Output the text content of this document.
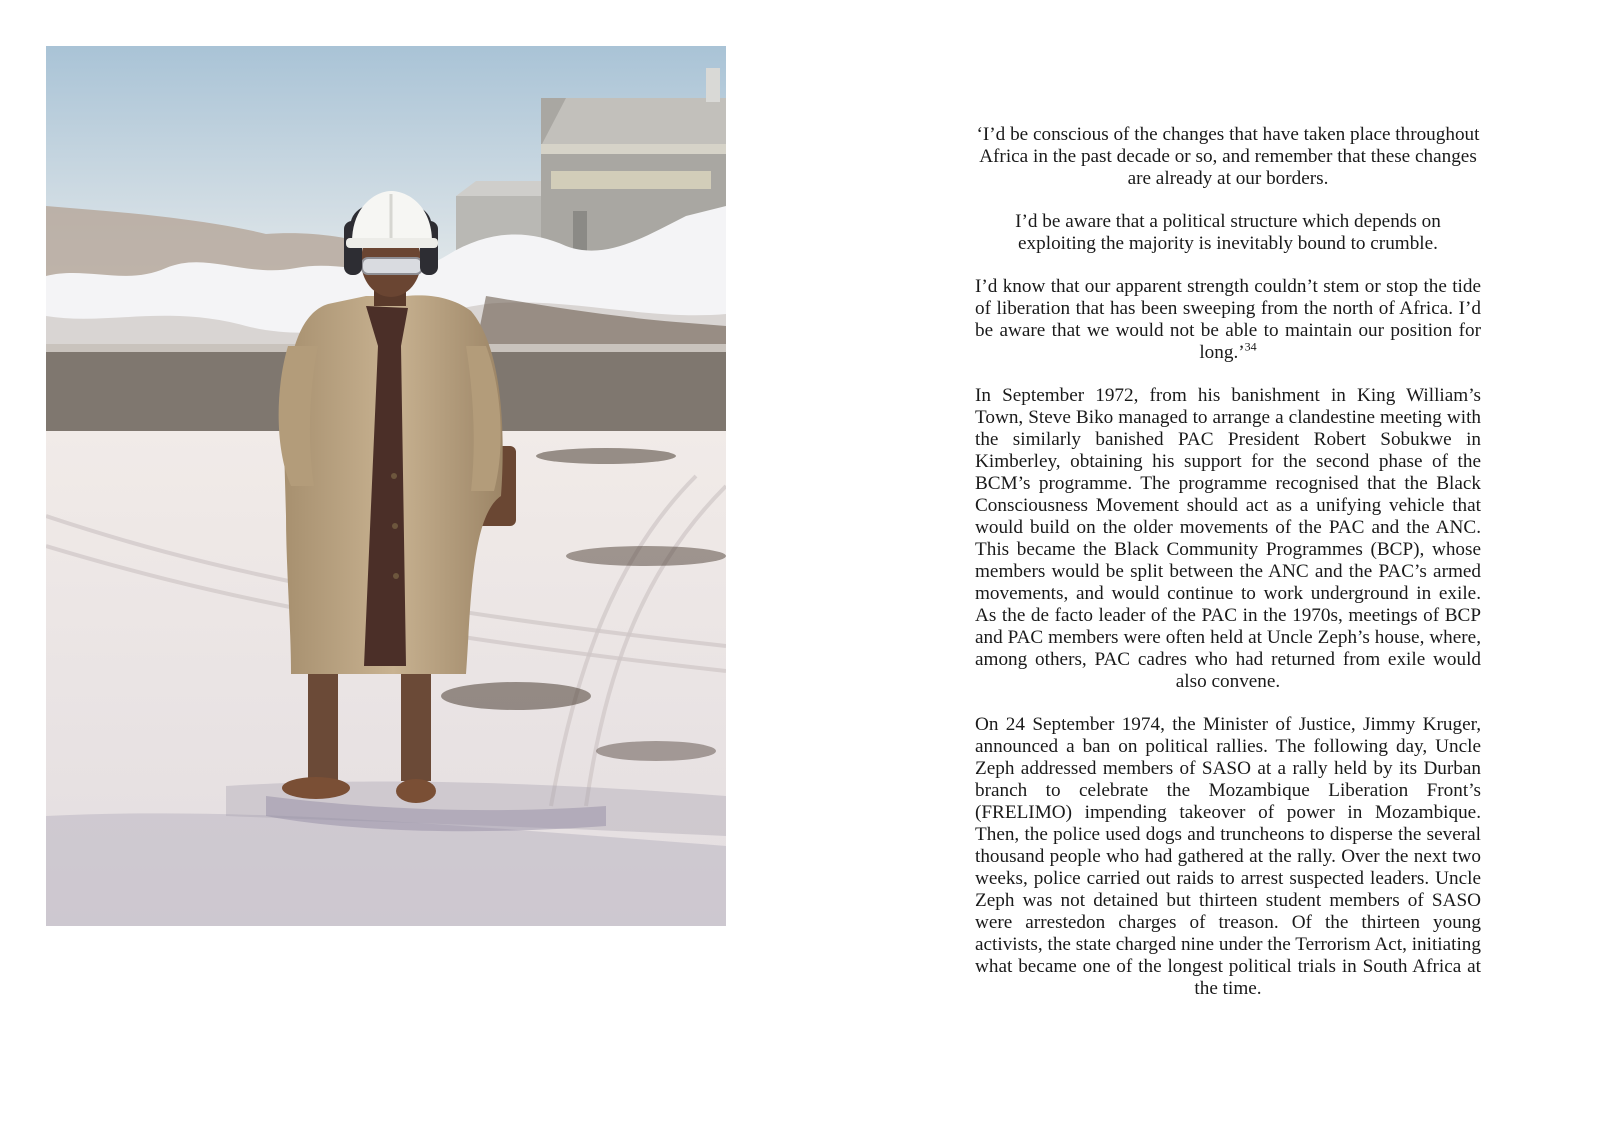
‘I’d be conscious of the changes that have taken place throughout Africa in the past decade or so, and remember that these changes are already at our borders.

I’d be aware that a political structure which depends on exploiting the majority is inevitably bound to crumble.

I’d know that our apparent strength couldn’t stem or stop the tide of liberation that has been sweeping from the north of Africa. I’d be aware that we would not be able to maintain our position for long.’$^{34}$

In September 1972, from his banishment in King William’s Town, Steve Biko managed to arrange a clandestine meeting with the similarly banished PAC President Robert Sobukwe in Kimberley, obtaining his support for the second phase of the BCM’s programme. The programme recognised that the Black Consciousness Movement should act as a unifying vehicle that would build on the older movements of the PAC and the ANC. This became the Black Community Programmes (BCP), whose members would be split between the ANC and the PAC’s armed movements, and would continue to work underground in exile. As the de facto leader of the PAC in the 1970s, meetings of BCP and PAC members were often held at Uncle Zeph’s house, where, among others, PAC cadres who had returned from exile would also convene.

On 24 September 1974, the Minister of Justice, Jimmy Kruger, announced a ban on political rallies. The following day, Uncle Zeph addressed members of SASO at a rally held by its Durban branch to celebrate the Mozambique Liberation Front’s (FRELIMO) impending takeover of power in Mozambique. Then, the police used dogs and truncheons to disperse the several thousand people who had gathered at the rally. Over the next two weeks, police carried out raids to arrest suspected leaders. Uncle Zeph was not detained but thirteen student members of SASO were arrestedon charges of treason. Of the thirteen young activists, the state charged nine under the Terrorism Act, initiating what became one of the longest political trials in South Africa at the time.
